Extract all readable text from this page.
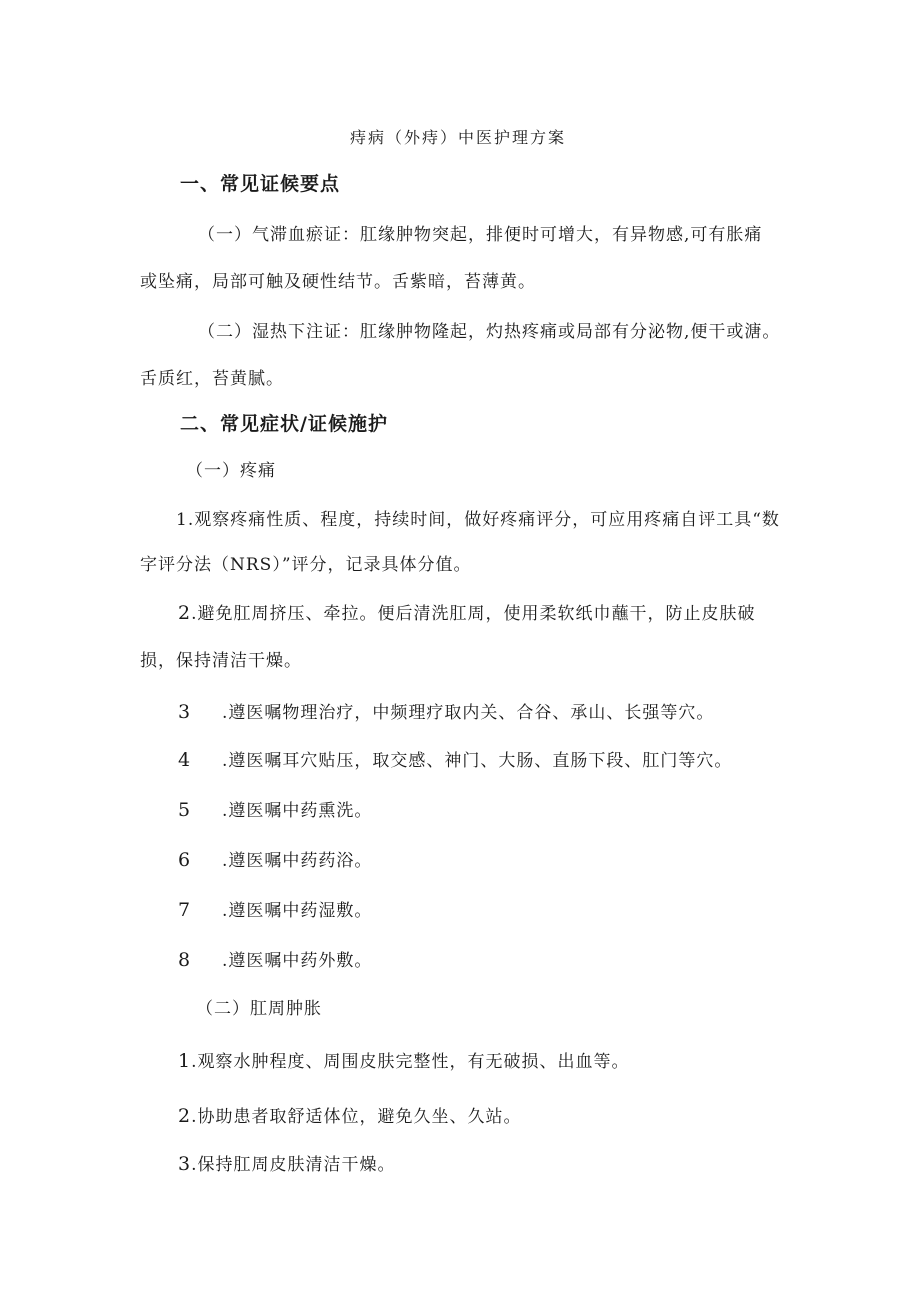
痔病（外痔）中医护理方案
一、常见证候要点
（一）气滞血瘀证：肛缘肿物突起，排便时可增大，有异物感,可有胀痛
或坠痛，局部可触及硬性结节。舌紫暗，苔薄黄。
（二）湿热下注证：肛缘肿物隆起，灼热疼痛或局部有分泌物,便干或溏。
舌质红，苔黄腻。
二、常见症状/证候施护
（一）疼痛
1.观察疼痛性质、程度，持续时间，做好疼痛评分，可应用疼痛自评工具“数
字评分法（NRS）”评分，记录具体分值。
2.避免肛周挤压、牵拉。便后清洗肛周，使用柔软纸巾蘸干，防止皮肤破
损，保持清洁干燥。
3 .遵医嘱物理治疗，中频理疗取内关、合谷、承山、长强等穴。
4 .遵医嘱耳穴贴压，取交感、神门、大肠、直肠下段、肛门等穴。
5 .遵医嘱中药熏洗。
6 .遵医嘱中药药浴。
7 .遵医嘱中药湿敷。
8 .遵医嘱中药外敷。
（二）肛周肿胀
1.观察水肿程度、周围皮肤完整性，有无破损、出血等。
2.协助患者取舒适体位，避免久坐、久站。
3.保持肛周皮肤清洁干燥。
